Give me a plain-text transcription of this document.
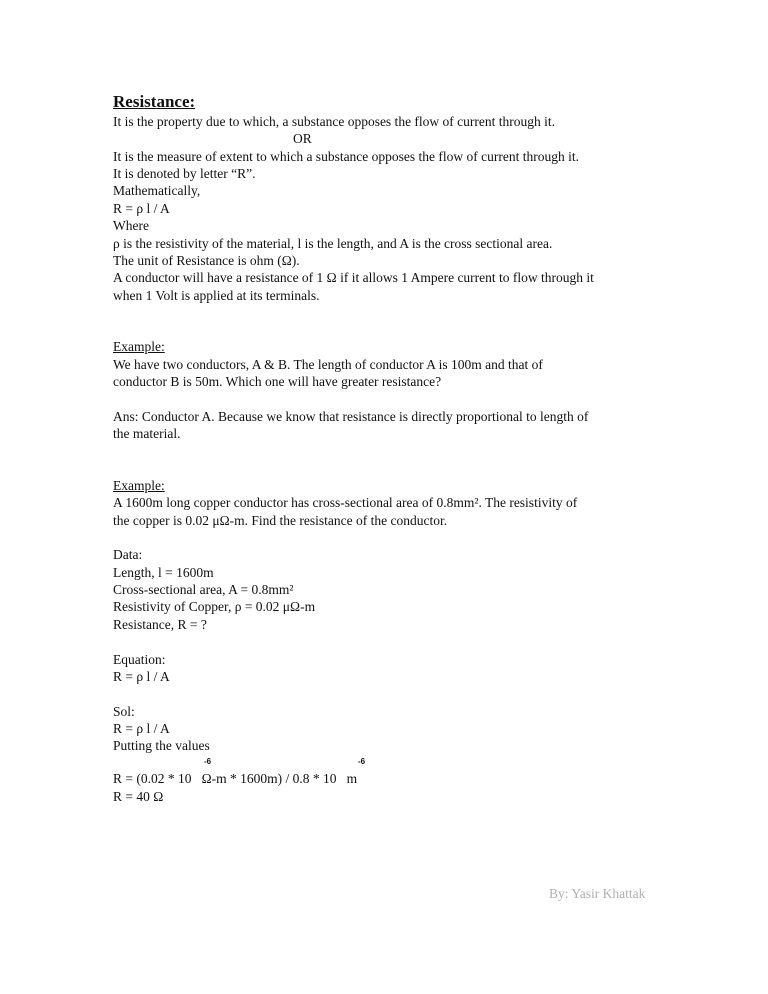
Resistance:
It is the property due to which, a substance opposes the flow of current through it.
OR
It is the measure of extent to which a substance opposes the flow of current through it.
It is denoted by letter “R”.
Mathematically,
R = ρ l / A
Where
ρ is the resistivity of the material, l is the length, and A is the cross sectional area.
The unit of Resistance is ohm (Ω).
A conductor will have a resistance of 1 Ω if it allows 1 Ampere current to flow through it
when 1 Volt is applied at its terminals.
Example:
We have two conductors, A & B. The length of conductor A is 100m and that of
conductor B is 50m. Which one will have greater resistance?
Ans: Conductor A. Because we know that resistance is directly proportional to length of
the material.
Example:
A 1600m long copper conductor has cross-sectional area of 0.8mm². The resistivity of
the copper is 0.02 μΩ-m. Find the resistance of the conductor.
Data:
Length, l = 1600m
Cross-sectional area, A = 0.8mm²
Resistivity of Copper, ρ = 0.02 μΩ-m
Resistance, R = ?
Equation:
R = ρ l / A
Sol:
R = ρ l / A
Putting the values
-6	-6
R = (0.02 * 10   Ω-m * 1600m) / 0.8 * 10   m
R = 40 Ω
By: Yasir Khattak
